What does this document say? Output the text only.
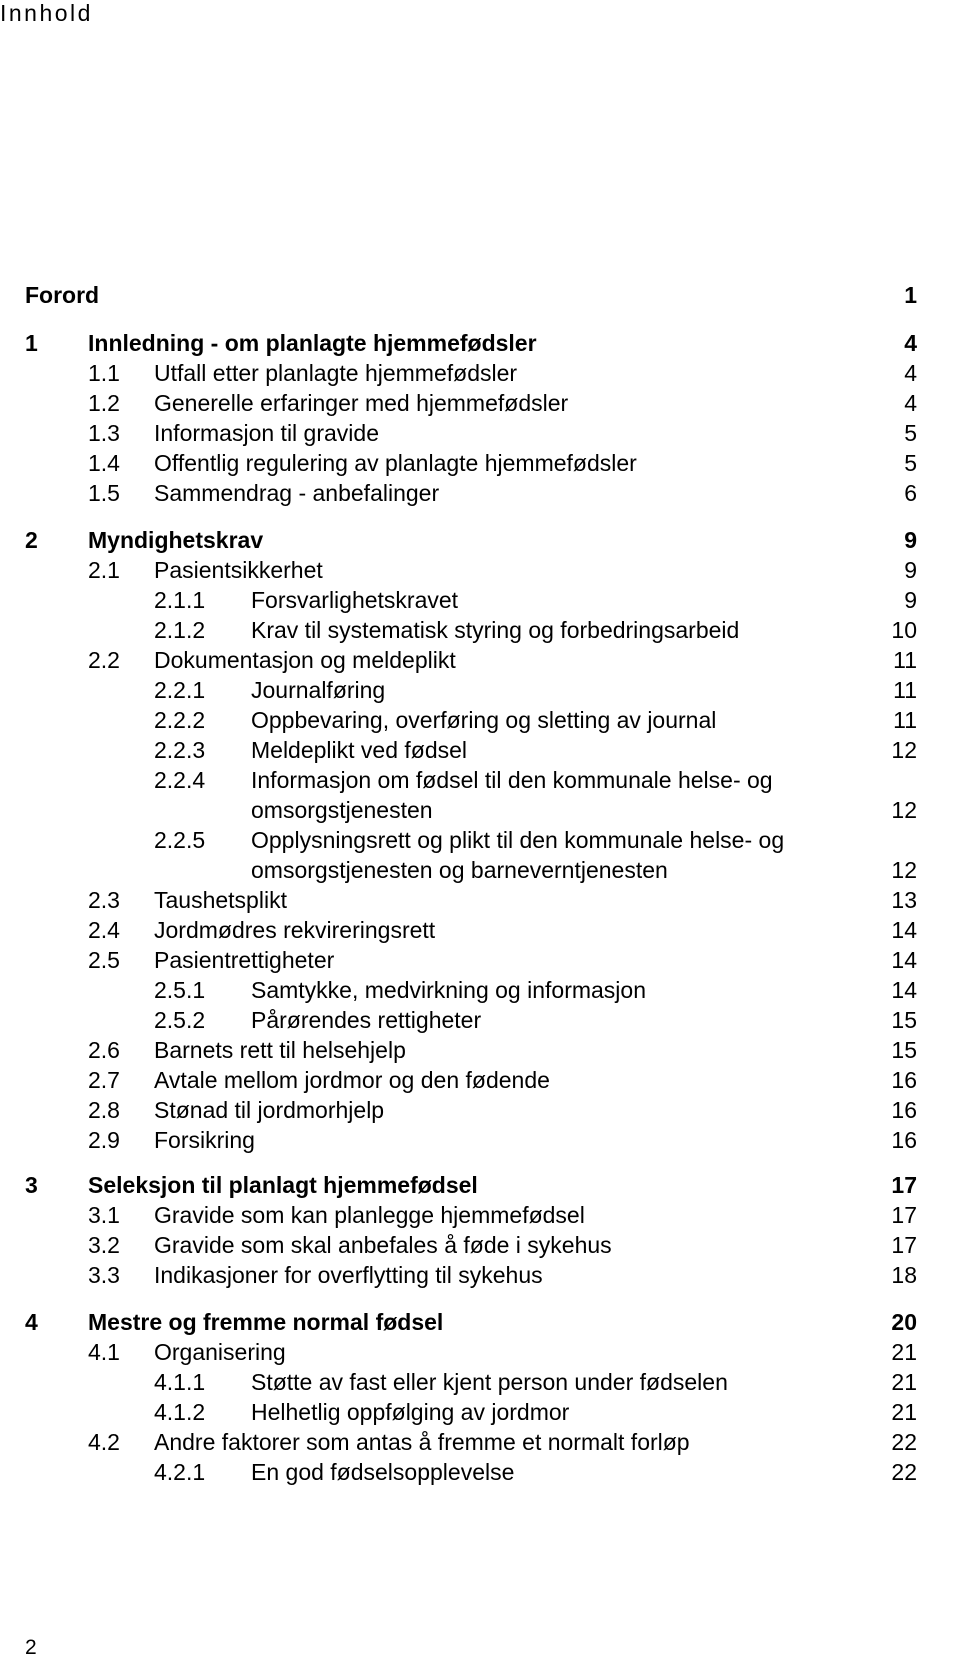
Innhold
Forord	1
1 Innledning - om planlagte hjemmefødsler	4
1.1 Utfall etter planlagte hjemmefødsler	4
1.2 Generelle erfaringer med hjemmefødsler	4
1.3 Informasjon til gravide	5
1.4 Offentlig regulering av planlagte hjemmefødsler	5
1.5 Sammendrag - anbefalinger	6
2 Myndighetskrav	9
2.1 Pasientsikkerhet	9
2.1.1 Forsvarlighetskravet	9
2.1.2 Krav til systematisk styring og forbedringsarbeid	10
2.2 Dokumentasjon og meldeplikt	11
2.2.1 Journalføring	11
2.2.2 Oppbevaring, overføring og sletting av journal	11
2.2.3 Meldeplikt ved fødsel	12
2.2.4 Informasjon om fødsel til den kommunale helse- og
omsorgstjenesten	12
2.2.5 Opplysningsrett og plikt til den kommunale helse- og
omsorgstjenesten og barneverntjenesten	12
2.3 Taushetsplikt	13
2.4 Jordmødres rekvireringsrett	14
2.5 Pasientrettigheter	14
2.5.1 Samtykke, medvirkning og informasjon	14
2.5.2 Pårørendes rettigheter	15
2.6 Barnets rett til helsehjelp	15
2.7 Avtale mellom jordmor og den fødende	16
2.8 Stønad til jordmorhjelp	16
2.9 Forsikring	16
3 Seleksjon til planlagt hjemmefødsel	17
3.1 Gravide som kan planlegge hjemmefødsel	17
3.2 Gravide som skal anbefales å føde i sykehus	17
3.3 Indikasjoner for overflytting til sykehus	18
4 Mestre og fremme normal fødsel	20
4.1 Organisering	21
4.1.1 Støtte av fast eller kjent person under fødselen	21
4.1.2 Helhetlig oppfølging av jordmor	21
4.2 Andre faktorer som antas å fremme et normalt forløp	22
4.2.1 En god fødselsopplevelse	22
2
